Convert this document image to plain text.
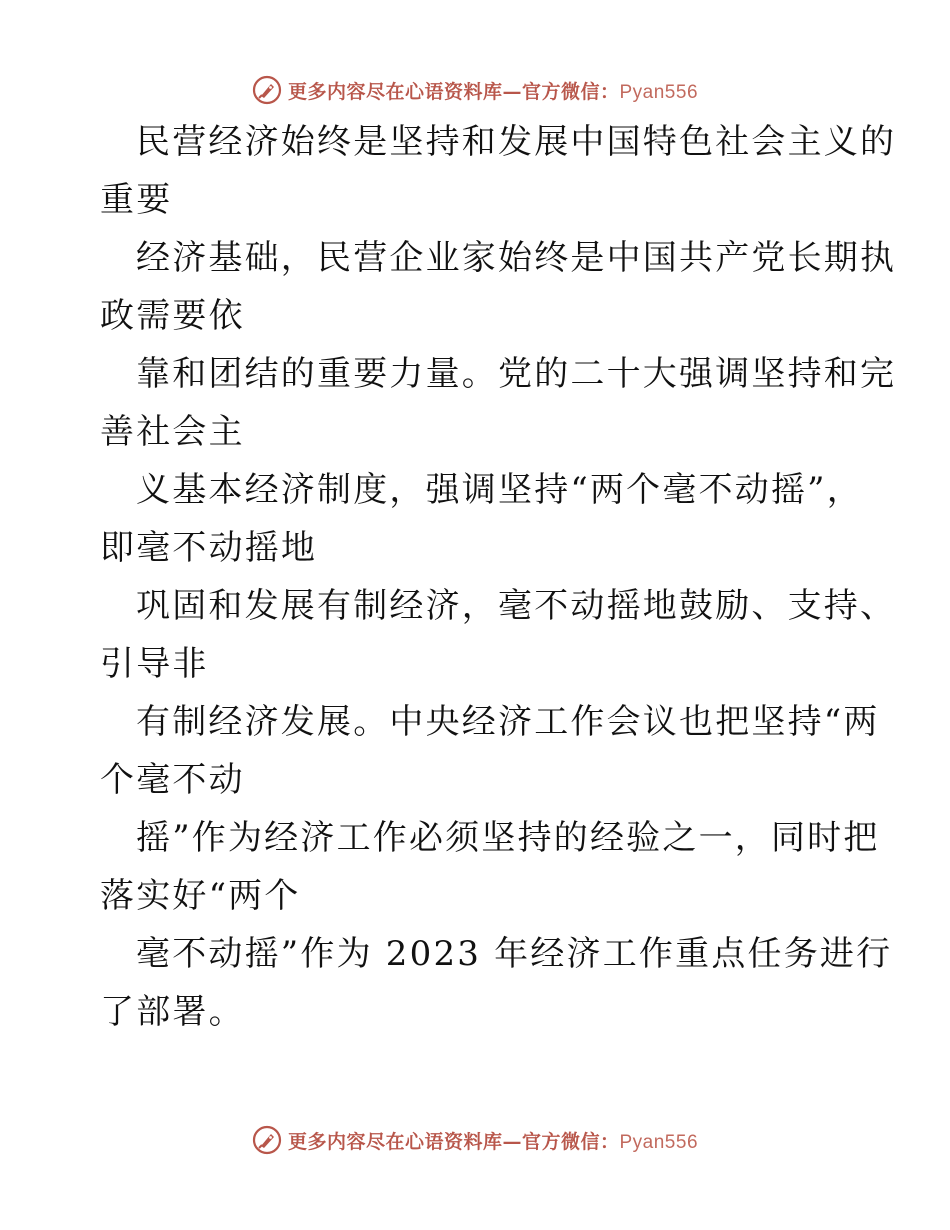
更多内容尽在心语资料库—官方微信：Pyan556
民营经济始终是坚持和发展中国特色社会主义的
重要
经济基础，民营企业家始终是中国共产党长期执
政需要依
靠和团结的重要力量。党的二十大强调坚持和完
善社会主
义基本经济制度，强调坚持“两个毫不动摇”，
即毫不动摇地
巩固和发展有制经济，毫不动摇地鼓励、支持、
引导非
有制经济发展。中央经济工作会议也把坚持“两
个毫不动
摇”作为经济工作必须坚持的经验之一，同时把
落实好“两个
毫不动摇”作为 2023 年经济工作重点任务进行
了部署。
更多内容尽在心语资料库—官方微信：Pyan556
